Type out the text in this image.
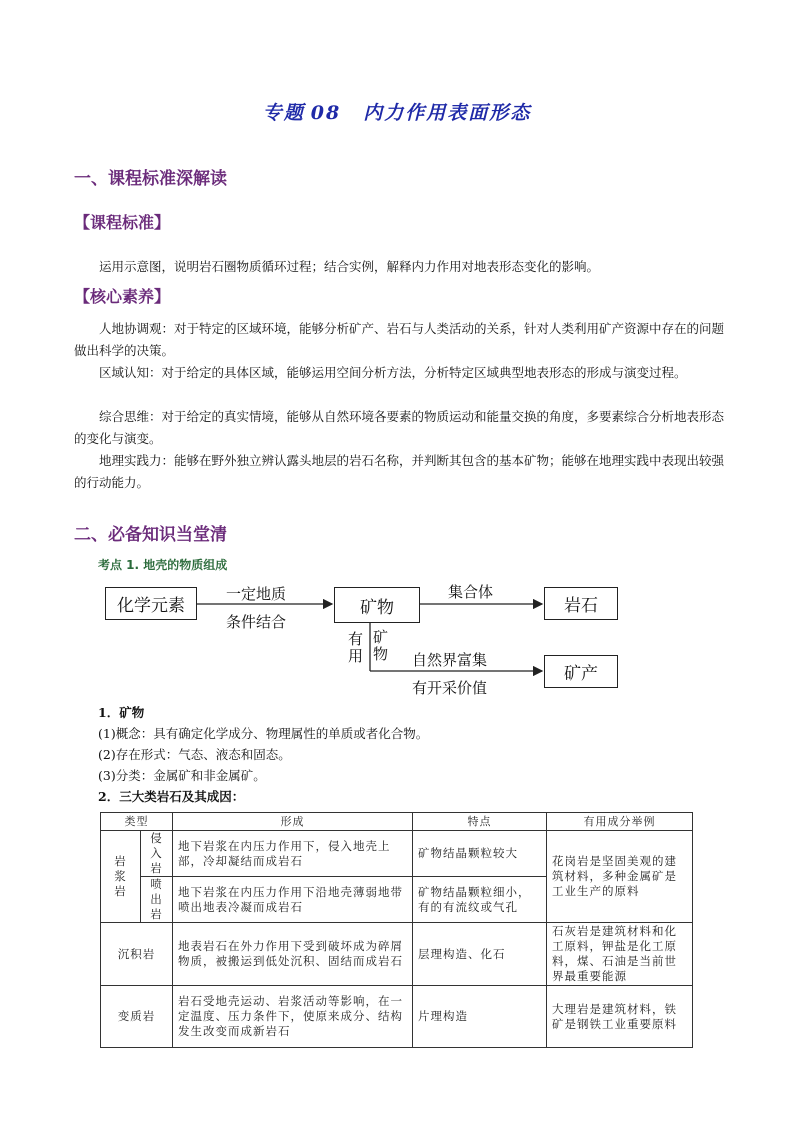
专题 08 内力作用表面形态
一、课程标准深解读
【课程标准】
运用示意图，说明岩石圈物质循环过程；结合实例，解释内力作用对地表形态变化的影响。
【核心素养】
人地协调观：对于特定的区域环境，能够分析矿产、岩石与人类活动的关系，针对人类利用矿产资源中存在的问题做出科学的决策。
区域认知：对于给定的具体区域，能够运用空间分析方法，分析特定区域典型地表形态的形成与演变过程。
综合思维：对于给定的真实情境，能够从自然环境各要素的物质运动和能量交换的角度，多要素综合分析地表形态的变化与演变。
地理实践力：能够在野外独立辨认露头地层的岩石名称，并判断其包含的基本矿物；能够在地理实践中表现出较强的行动能力。
二、必备知识当堂清
考点 1. 地壳的物质组成
化学元素	矿物	岩石
矿产
一定地质
条件结合
集合体
有
用
矿
物 自然界富集
有开采价值
1．矿物
(1)概念：具有确定化学成分、物理属性的单质或者化合物。
(2)存在形式：气态、液态和固态。
(3)分类：金属矿和非金属矿。
2．三大类岩石及其成因：
类型		形成	特点	有用成分举例
岩浆岩	侵入岩	地下岩浆在内压力作用下，侵入地壳上部，冷却凝结而成岩石	矿物结晶颗粒较大	花岗岩是坚固美观的建筑材料，多种金属矿是工业生产的原料
	喷出岩	地下岩浆在内压力作用下沿地壳薄弱地带喷出地表冷凝而成岩石	矿物结晶颗粒细小，有的有流纹或气孔	
沉积岩		地表岩石在外力作用下受到破坏成为碎屑物质，被搬运到低处沉积、固结而成岩石	层理构造、化石	石灰岩是建筑材料和化工原料，钾盐是化工原料，煤、石油是当前世界最重要能源
变质岩		岩石受地壳运动、岩浆活动等影响，在一定温度、压力条件下，使原来成分、结构发生改变而成新岩石	片理构造	大理岩是建筑材料，铁矿是钢铁工业重要原料
